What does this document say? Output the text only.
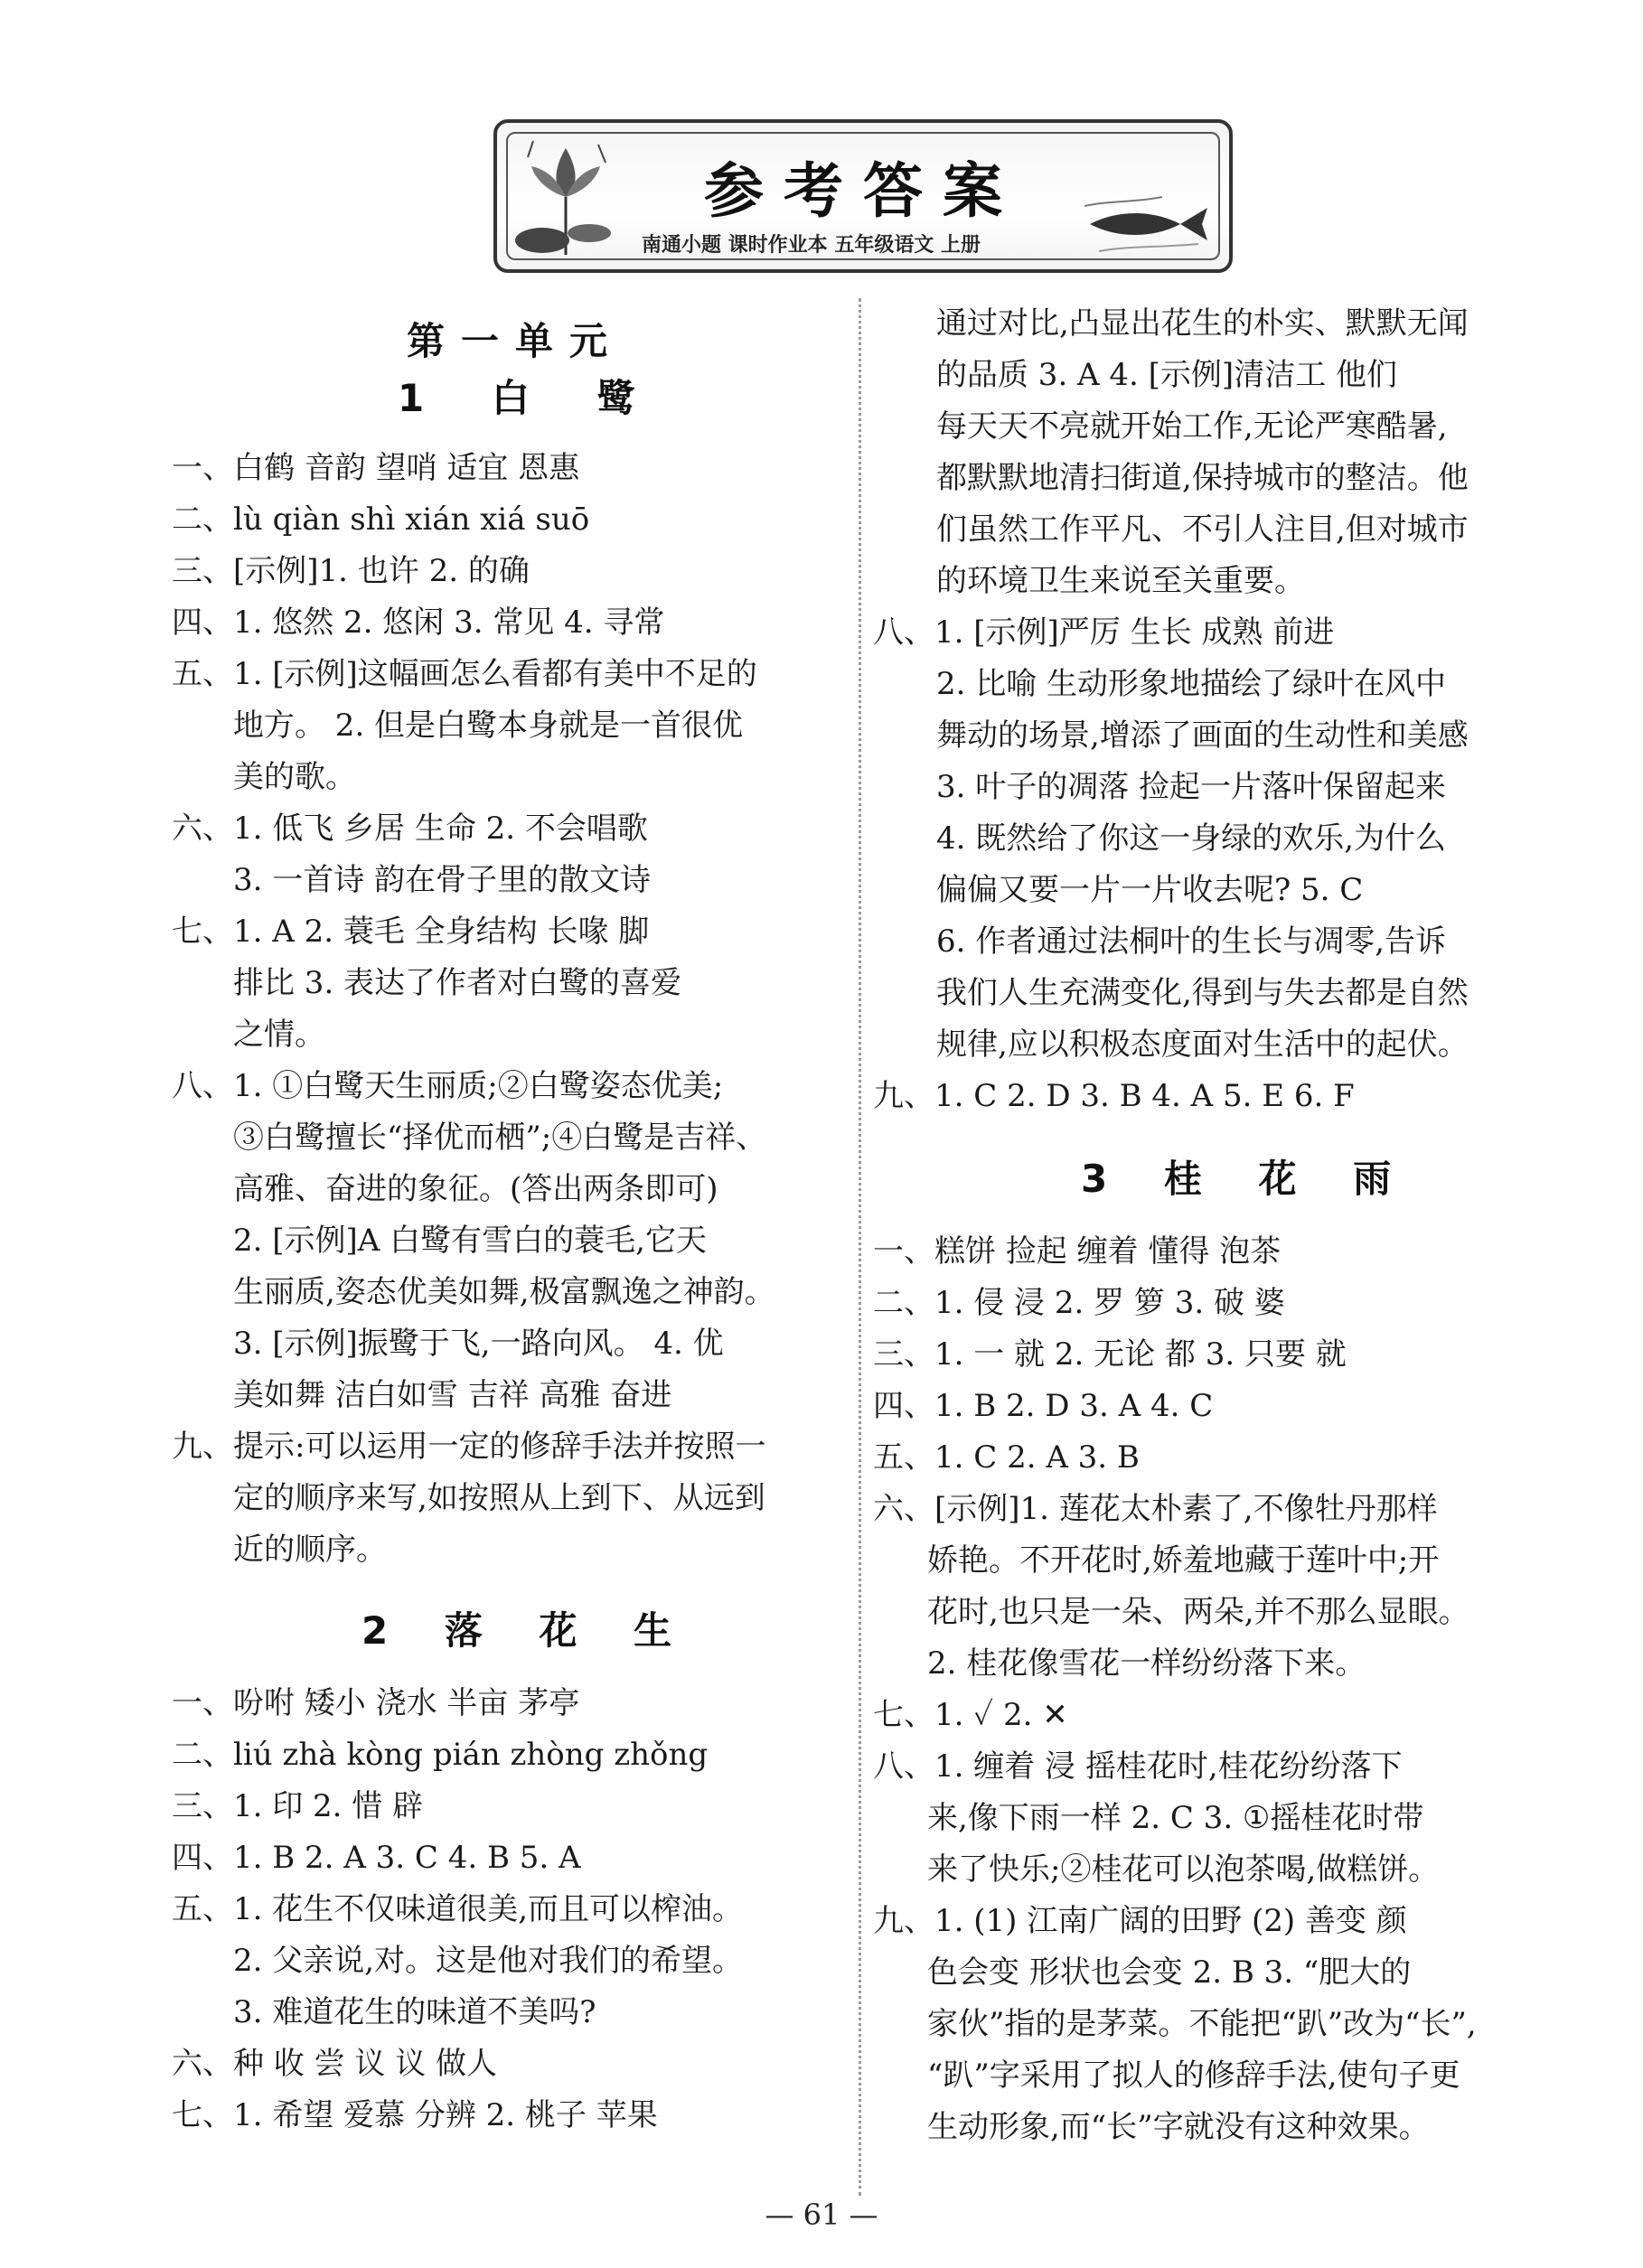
参考答案
南通小题 课时作业本 五年级语文 上册
第一单元
1 白 鹭
一、白鹤 音韵 望哨 适宜 恩惠
二、lù qiàn shì xián xiá suō
三、[示例]1. 也许 2. 的确
四、1. 悠然 2. 悠闲 3. 常见 4. 寻常
五、1. [示例]这幅画怎么看都有美中不足的
地方。 2. 但是白鹭本身就是一首很优
美的歌。
六、1. 低飞 乡居 生命 2. 不会唱歌
3. 一首诗 韵在骨子里的散文诗
七、1. A 2. 蓑毛 全身结构 长喙 脚
排比 3. 表达了作者对白鹭的喜爱
之情。
八、1. ①白鹭天生丽质;②白鹭姿态优美;
③白鹭擅长“择优而栖”;④白鹭是吉祥、
高雅、奋进的象征。(答出两条即可)
2. [示例]A 白鹭有雪白的蓑毛,它天
生丽质,姿态优美如舞,极富飘逸之神韵。
3. [示例]振鹭于飞,一路向风。 4. 优
美如舞 洁白如雪 吉祥 高雅 奋进
九、提示:可以运用一定的修辞手法并按照一
定的顺序来写,如按照从上到下、从远到
近的顺序。
2 落 花 生
一、吩咐 矮小 浇水 半亩 茅亭
二、liú zhà kòng pián zhòng zhǒng
三、1. 印 2. 惜 辟
四、1. B 2. A 3. C 4. B 5. A
五、1. 花生不仅味道很美,而且可以榨油。
2. 父亲说,对。这是他对我们的希望。
3. 难道花生的味道不美吗?
六、种 收 尝 议 议 做人
七、1. 希望 爱慕 分辨 2. 桃子 苹果
通过对比,凸显出花生的朴实、默默无闻
的品质 3. A 4. [示例]清洁工 他们
每天天不亮就开始工作,无论严寒酷暑,
都默默地清扫街道,保持城市的整洁。他
们虽然工作平凡、不引人注目,但对城市
的环境卫生来说至关重要。
八、1. [示例]严厉 生长 成熟 前进
2. 比喻 生动形象地描绘了绿叶在风中
舞动的场景,增添了画面的生动性和美感
3. 叶子的凋落 捡起一片落叶保留起来
4. 既然给了你这一身绿的欢乐,为什么
偏偏又要一片一片收去呢? 5. C
6. 作者通过法桐叶的生长与凋零,告诉
我们人生充满变化,得到与失去都是自然
规律,应以积极态度面对生活中的起伏。
九、1. C 2. D 3. B 4. A 5. E 6. F
3 桂 花 雨
一、糕饼 捡起 缠着 懂得 泡茶
二、1. 侵 浸 2. 罗 箩 3. 破 婆
三、1. 一 就 2. 无论 都 3. 只要 就
四、1. B 2. D 3. A 4. C
五、1. C 2. A 3. B
六、[示例]1. 莲花太朴素了,不像牡丹那样
娇艳。不开花时,娇羞地藏于莲叶中;开
花时,也只是一朵、两朵,并不那么显眼。
2. 桂花像雪花一样纷纷落下来。
七、1. ✓ 2. ✕
八、1. 缠着 浸 摇桂花时,桂花纷纷落下
来,像下雨一样 2. C 3. ①摇桂花时带
来了快乐;②桂花可以泡茶喝,做糕饼。
九、1. (1) 江南广阔的田野 (2) 善变 颜
色会变 形状也会变 2. B 3. “肥大的
家伙”指的是茅菜。不能把“趴”改为“长”,
“趴”字采用了拟人的修辞手法,使句子更
生动形象,而“长”字就没有这种效果。
— 61 —
